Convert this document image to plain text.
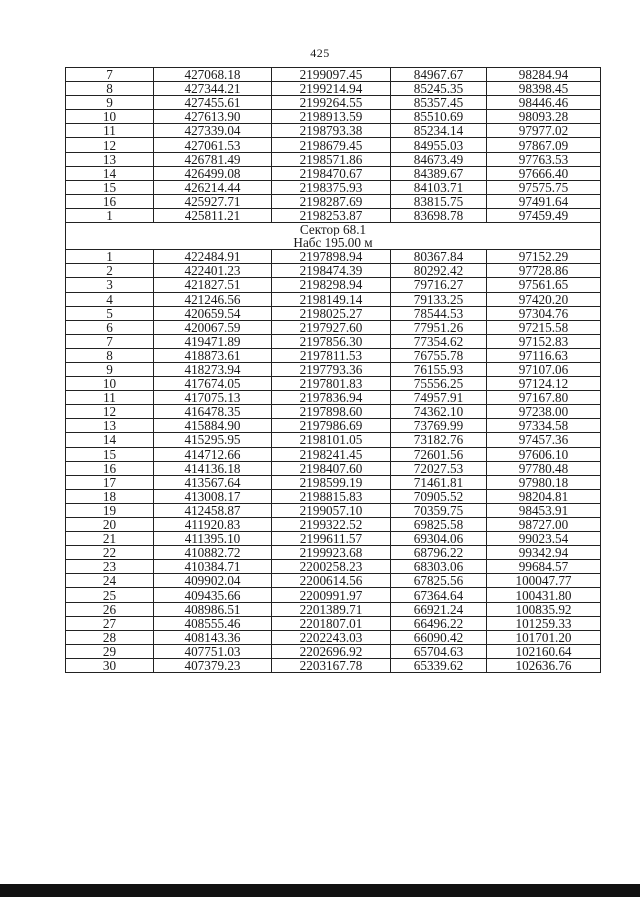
425
7	427068.18	2199097.45	84967.67	98284.94
8	427344.21	2199214.94	85245.35	98398.45
9	427455.61	2199264.55	85357.45	98446.46
10	427613.90	2198913.59	85510.69	98093.28
11	427339.04	2198793.38	85234.14	97977.02
12	427061.53	2198679.45	84955.03	97867.09
13	426781.49	2198571.86	84673.49	97763.53
14	426499.08	2198470.67	84389.67	97666.40
15	426214.44	2198375.93	84103.71	97575.75
16	425927.71	2198287.69	83815.75	97491.64
1	425811.21	2198253.87	83698.78	97459.49
Сектор 68.1				
Набс 195.00 м				
1	422484.91	2197898.94	80367.84	97152.29
2	422401.23	2198474.39	80292.42	97728.86
3	421827.51	2198298.94	79716.27	97561.65
4	421246.56	2198149.14	79133.25	97420.20
5	420659.54	2198025.27	78544.53	97304.76
6	420067.59	2197927.60	77951.26	97215.58
7	419471.89	2197856.30	77354.62	97152.83
8	418873.61	2197811.53	76755.78	97116.63
9	418273.94	2197793.36	76155.93	97107.06
10	417674.05	2197801.83	75556.25	97124.12
11	417075.13	2197836.94	74957.91	97167.80
12	416478.35	2197898.60	74362.10	97238.00
13	415884.90	2197986.69	73769.99	97334.58
14	415295.95	2198101.05	73182.76	97457.36
15	414712.66	2198241.45	72601.56	97606.10
16	414136.18	2198407.60	72027.53	97780.48
17	413567.64	2198599.19	71461.81	97980.18
18	413008.17	2198815.83	70905.52	98204.81
19	412458.87	2199057.10	70359.75	98453.91
20	411920.83	2199322.52	69825.58	98727.00
21	411395.10	2199611.57	69304.06	99023.54
22	410882.72	2199923.68	68796.22	99342.94
23	410384.71	2200258.23	68303.06	99684.57
24	409902.04	2200614.56	67825.56	100047.77
25	409435.66	2200991.97	67364.64	100431.80
26	408986.51	2201389.71	66921.24	100835.92
27	408555.46	2201807.01	66496.22	101259.33
28	408143.36	2202243.03	66090.42	101701.20
29	407751.03	2202696.92	65704.63	102160.64
30	407379.23	2203167.78	65339.62	102636.76
